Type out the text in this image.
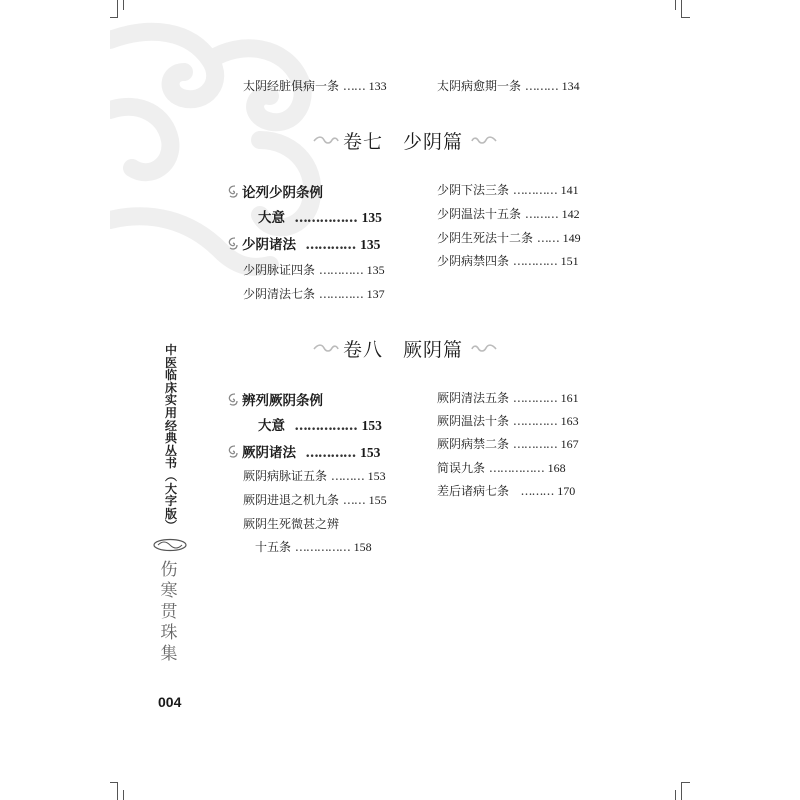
太阴经脏俱病一条 …… 133	太阴病愈期一条 ……… 134
卷七 少阴篇
论列少阴条例
大意 …………… 135
少阴诸法 ………… 135
少阴脉证四条 ………… 135
少阴清法七条 ………… 137
少阴下法三条 ………… 141
少阴温法十五条 ……… 142
少阴生死法十二条 …… 149
少阴病禁四条 ………… 151
卷八 厥阴篇
辨列厥阴条例
大意 …………… 153
厥阴诸法 ………… 153
厥阴病脉证五条 ……… 153
厥阴进退之机九条 …… 155
厥阴生死微甚之辨
十五条 …………… 158
厥阴清法五条 ………… 161
厥阴温法十条 ………… 163
厥阴病禁二条 ………… 167
简误九条 …………… 168
差后诸病七条 ……… 170
中
医
临
床
实
用
经
典
丛
书
︵
大
字
版
︶
伤
寒
贯
珠
集
004
